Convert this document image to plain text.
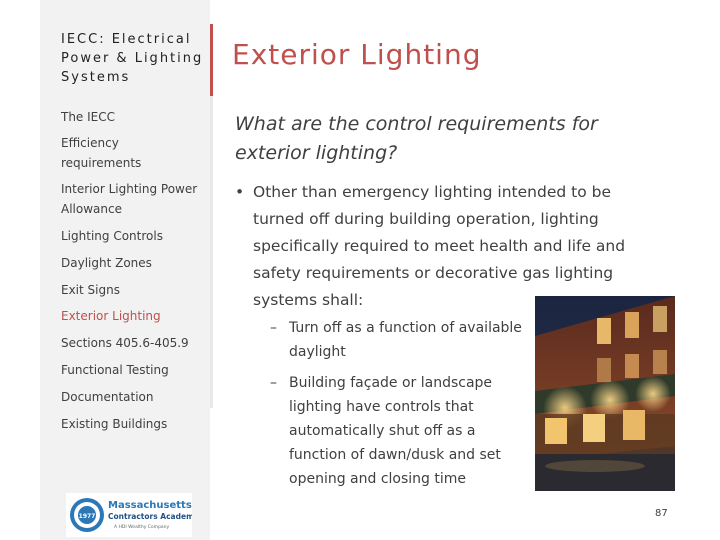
IECC: Electrical Power & Lighting Systems
The IECC
Efficiency requirements
Interior Lighting Power Allowance
Lighting Controls
Daylight Zones
Exit Signs
Exterior Lighting
Sections 405.6-405.9
Functional Testing
Documentation
Existing Buildings
1977
Massachusetts
Contractors Academy
A HDI Wealthy Company
Exterior Lighting
What are the control requirements for exterior lighting?
• Other than emergency lighting intended to be turned off during building operation, lighting specifically required to meet health and life and safety requirements or decorative gas lighting systems shall:
– Turn off as a function of available daylight
– Building façade or landscape lighting have controls that automatically shut off as a function of dawn/dusk and set opening and closing time
87
